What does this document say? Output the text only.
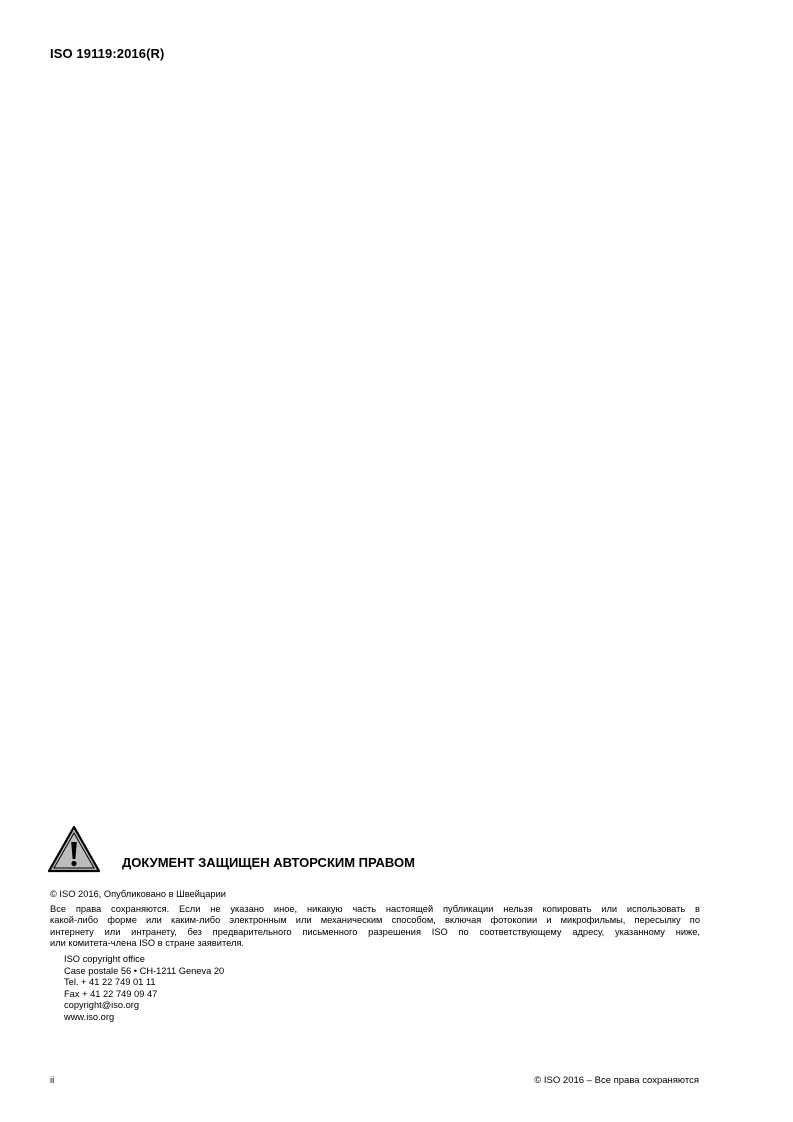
ISO 19119:2016(R)
ДОКУМЕНТ ЗАЩИЩЕН АВТОРСКИМ ПРАВОМ
© ISO 2016, Опубликовано в Швейцарии
Все права сохраняются. Если не указано иное, никакую часть настоящей публикации нельзя копировать или использовать в
какой-либо форме или каким-либо электронным или механическим способом, включая фотокопии и микрофильмы, пересылку по
интернету или интранету, без предварительного письменного разрешения ISO по соответствующему адресу, указанному ниже,
или комитета-члена ISO в стране заявителя.
ISO copyright office
Case postale 56 • CH-1211 Geneva 20
Tel. + 41 22 749 01 11
Fax + 41 22 749 09 47
copyright@iso.org
www.iso.org
ii	© ISO 2016 – Все права сохраняются
